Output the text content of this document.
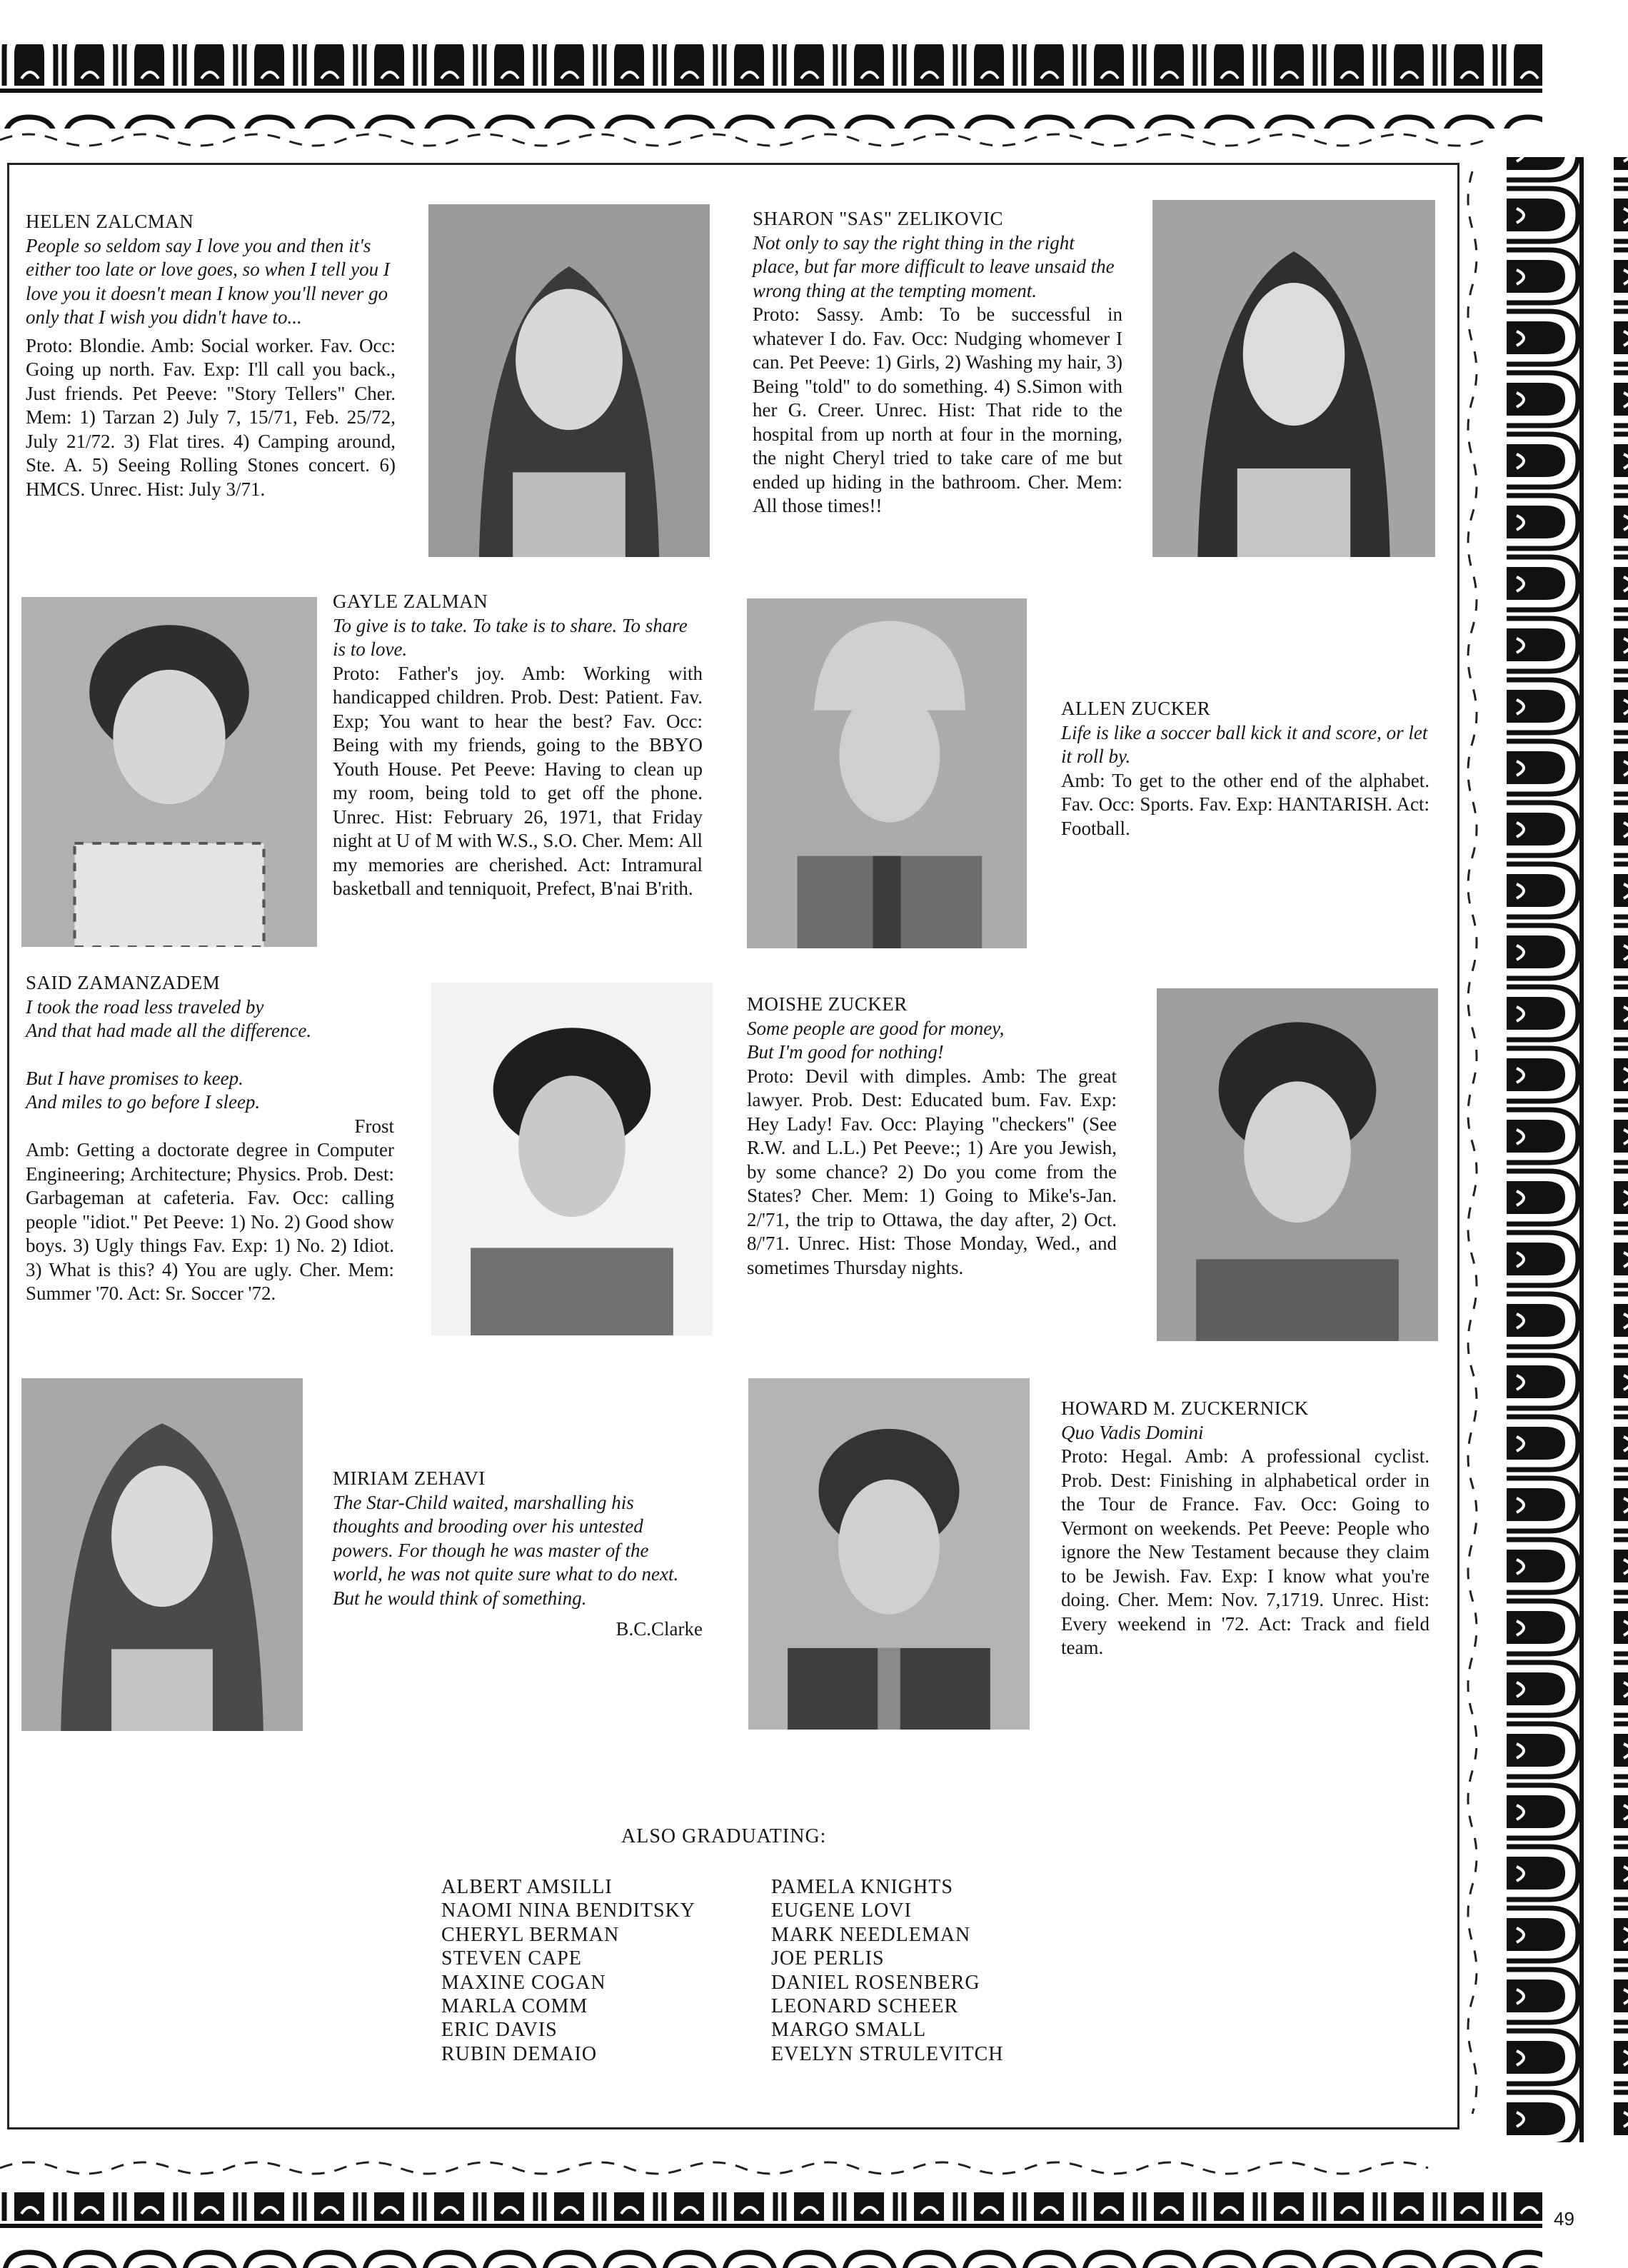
HELEN ZALCMAN
People so seldom say I love you and then it's either too late or love goes, so when I tell you I love you it doesn't mean I know you'll never go only that I wish you didn't have to...
Proto: Blondie. Amb: Social worker. Fav. Occ: Going up north. Fav. Exp: I'll call you back., Just friends. Pet Peeve: "Story Tellers" Cher. Mem: 1) Tarzan 2) July 7, 15/71, Feb. 25/72, July 21/72. 3) Flat tires. 4) Camping around, Ste. A. 5) Seeing Rolling Stones concert. 6) HMCS. Unrec. Hist: July 3/71.
SHARON "SAS" ZELIKOVIC
Not only to say the right thing in the right place, but far more difficult to leave unsaid the wrong thing at the tempting moment.
Proto: Sassy. Amb: To be successful in whatever I do. Fav. Occ: Nudging whomever I can. Pet Peeve: 1) Girls, 2) Washing my hair, 3) Being "told" to do something. 4) S.Simon with her G. Creer. Unrec. Hist: That ride to the hospital from up north at four in the morning, the night Cheryl tried to take care of me but ended up hiding in the bathroom. Cher. Mem: All those times!!
GAYLE ZALMAN
To give is to take. To take is to share. To share is to love.
Proto: Father's joy. Amb: Working with handicapped children. Prob. Dest: Patient. Fav. Exp; You want to hear the best? Fav. Occ: Being with my friends, going to the BBYO Youth House. Pet Peeve: Having to clean up my room, being told to get off the phone. Unrec. Hist: February 26, 1971, that Friday night at U of M with W.S., S.O. Cher. Mem: All my memories are cherished. Act: Intramural basketball and tenniquoit, Prefect, B'nai B'rith.
ALLEN ZUCKER
Life is like a soccer ball kick it and score, or let it roll by.
Amb: To get to the other end of the alphabet. Fav. Occ: Sports. Fav. Exp: HANTARISH. Act: Football.
SAID ZAMANZADEM
I took the road less traveled by
And that had made all the difference.
But I have promises to keep.
And miles to go before I sleep.
Frost
Amb: Getting a doctorate degree in Computer Engineering; Architecture; Physics. Prob. Dest: Garbageman at cafeteria. Fav. Occ: calling people "idiot." Pet Peeve: 1) No. 2) Good show boys. 3) Ugly things Fav. Exp: 1) No. 2) Idiot. 3) What is this? 4) You are ugly. Cher. Mem: Summer '70. Act: Sr. Soccer '72.
MOISHE ZUCKER
Some people are good for money,
But I'm good for nothing!
Proto: Devil with dimples. Amb: The great lawyer. Prob. Dest: Educated bum. Fav. Exp: Hey Lady! Fav. Occ: Playing "checkers" (See R.W. and L.L.) Pet Peeve:; 1) Are you Jewish, by some chance? 2) Do you come from the States? Cher. Mem: 1) Going to Mike's-Jan. 2/'71, the trip to Ottawa, the day after, 2) Oct. 8/'71. Unrec. Hist: Those Monday, Wed., and sometimes Thursday nights.
MIRIAM ZEHAVI
The Star-Child waited, marshalling his thoughts and brooding over his untested powers. For though he was master of the world, he was not quite sure what to do next. But he would think of something.
B.C.Clarke
HOWARD M. ZUCKERNICK
Quo Vadis Domini
Proto: Hegal. Amb: A professional cyclist. Prob. Dest: Finishing in alphabetical order in the Tour de France. Fav. Occ: Going to Vermont on weekends. Pet Peeve: People who ignore the New Testament because they claim to be Jewish. Fav. Exp: I know what you're doing. Cher. Mem: Nov. 7,1719. Unrec. Hist: Every weekend in '72. Act: Track and field team.
ALSO GRADUATING:
ALBERT AMSILLI
NAOMI NINA BENDITSKY
CHERYL BERMAN
STEVEN CAPE
MAXINE COGAN
MARLA COMM
ERIC DAVIS
RUBIN DEMAIO
PAMELA KNIGHTS
EUGENE LOVI
MARK NEEDLEMAN
JOE PERLIS
DANIEL ROSENBERG
LEONARD SCHEER
MARGO SMALL
EVELYN STRULEVITCH
49
